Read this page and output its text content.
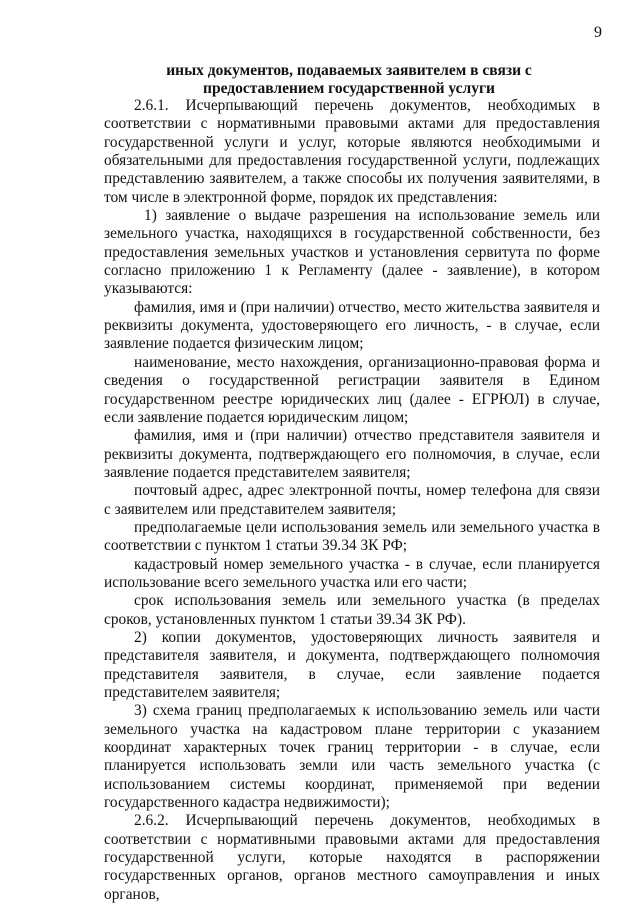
9
иных документов, подаваемых заявителем в связи с предоставлением государственной услуги

2.6.1. Исчерпывающий перечень документов, необходимых в соответствии с нормативными правовыми актами для предоставления государственной услуги и услуг, которые являются необходимыми и обязательными для предоставления государственной услуги, подлежащих представлению заявителем, а также способы их получения заявителями, в том числе в электронной форме, порядок их представления:

1) заявление о выдаче разрешения на использование земель или земельного участка, находящихся в государственной собственности, без предоставления земельных участков и установления сервитута по форме согласно приложению 1 к Регламенту (далее - заявление), в котором указываются:

фамилия, имя и (при наличии) отчество, место жительства заявителя и реквизиты документа, удостоверяющего его личность, - в случае, если заявление подается физическим лицом;

наименование, место нахождения, организационно-правовая форма и сведения о государственной регистрации заявителя в Едином государственном реестре юридических лиц (далее - ЕГРЮЛ) в случае, если заявление подается юридическим лицом;

фамилия, имя и (при наличии) отчество представителя заявителя и реквизиты документа, подтверждающего его полномочия, в случае, если заявление подается представителем заявителя;

почтовый адрес, адрес электронной почты, номер телефона для связи с заявителем или представителем заявителя;

предполагаемые цели использования земель или земельного участка в соответствии с пунктом 1 статьи 39.34 ЗК РФ;

кадастровый номер земельного участка - в случае, если планируется использование всего земельного участка или его части;

срок использования земель или земельного участка (в пределах сроков, установленных пунктом 1 статьи 39.34 ЗК РФ).

2) копии документов, удостоверяющих личность заявителя и представителя заявителя, и документа, подтверждающего полномочия представителя заявителя, в случае, если заявление подается представителем заявителя;

3) схема границ предполагаемых к использованию земель или части земельного участка на кадастровом плане территории с указанием координат характерных точек границ территории - в случае, если планируется использовать земли или часть земельного участка (с использованием системы координат, применяемой при ведении государственного кадастра недвижимости);

2.6.2. Исчерпывающий перечень документов, необходимых в соответствии с нормативными правовыми актами для предоставления государственной услуги, которые находятся в распоряжении государственных органов, органов местного самоуправления и иных органов,
